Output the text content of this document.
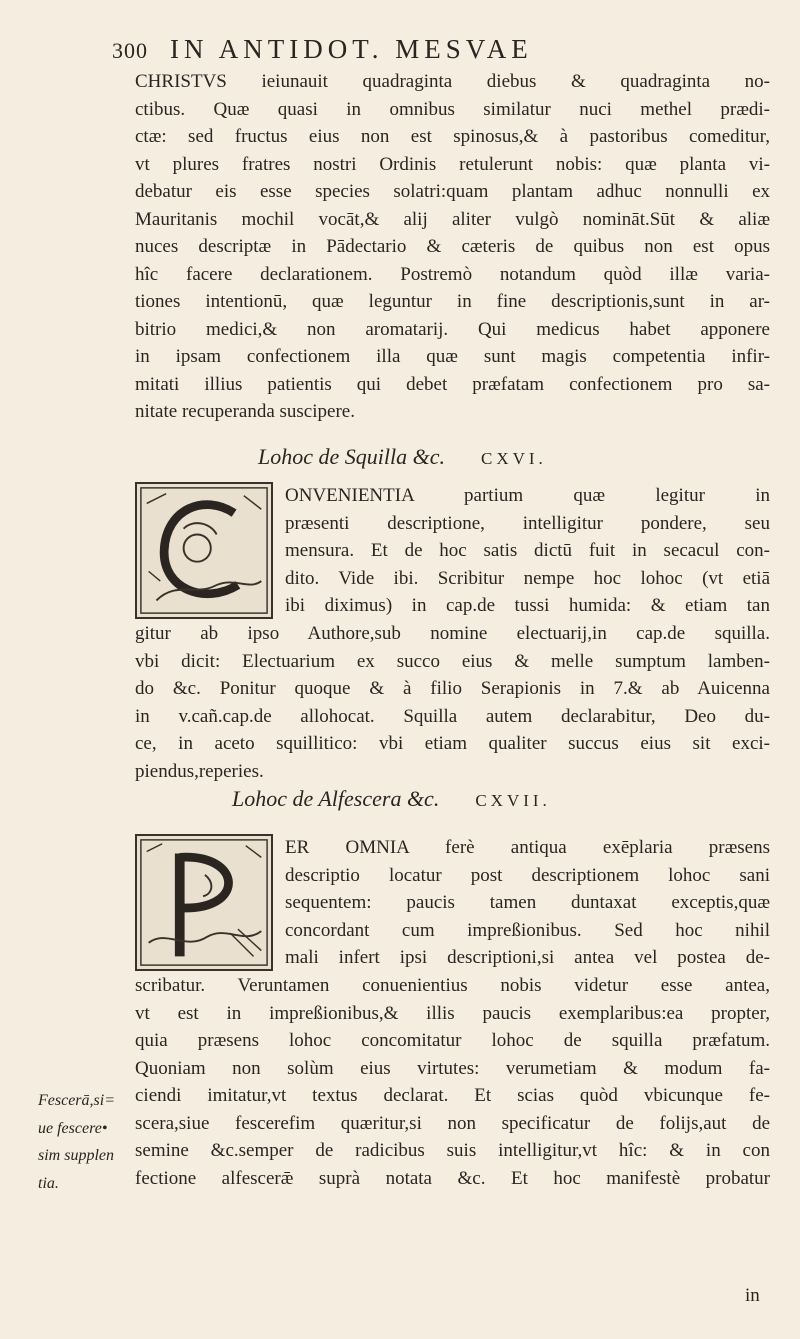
300 IN ANTIDOT. MESVAE
CHRISTVS ieiunauit quadraginta diebus & quadraginta no-
ctibus. Quæ quasi in omnibus similatur nuci methel prædi-
ctæ: sed fructus eius non est spinosus,& à pastoribus comeditur,
vt plures fratres nostri Ordinis retulerunt nobis: quæ planta vi-
debatur eis esse species solatri:quam plantam adhuc nonnulli ex
Mauritanis mochil vocāt,& alij aliter vulgò nomināt.Sūt & aliæ
nuces descriptæ in Pādectario & cæteris de quibus non est opus
hîc facere declarationem. Postremò notandum quòd illæ varia-
tiones intentionū, quæ leguntur in fine descriptionis,sunt in ar-
bitrio medici,& non aromatarij. Qui medicus habet apponere
in ipsam confectionem illa quæ sunt magis competentia infir-
mitati illius patientis qui debet præfatam confectionem pro sa-
nitate recuperanda suscipere.
Lohoc de Squilla &c. CXVI.
ONVENIENTIA partium quæ legitur in
præsenti descriptione, intelligitur pondere, seu
mensura. Et de hoc satis dictū fuit in secacul con-
dito. Vide ibi. Scribitur nempe hoc lohoc (vt etiā
ibi diximus) in cap.de tussi humida: & etiam tan
gitur ab ipso Authore,sub nomine electuarij,in cap.de squilla.
vbi dicit: Electuarium ex succo eius & melle sumptum lamben-
do &c. Ponitur quoque & à filio Serapionis in 7.& ab Auicenna
in v.cañ.cap.de allohocat. Squilla autem declarabitur, Deo du-
ce, in aceto squillitico: vbi etiam qualiter succus eius sit exci-
piendus,reperies.
Lohoc de Alfescera &c. CXVII.
ER OMNIA ferè antiqua exēplaria præsens
descriptio locatur post descriptionem lohoc sani
sequentem: paucis tamen duntaxat exceptis,quæ
concordant cum impreßionibus. Sed hoc nihil
mali infert ipsi descriptioni,si antea vel postea de-
scribatur. Veruntamen conuenientius nobis videtur esse antea,
vt est in impreßionibus,& illis paucis exemplaribus:ea propter,
quia præsens lohoc concomitatur lohoc de squilla præfatum.
Quoniam non solùm eius virtutes: verumetiam & modum fa-
ciendi imitatur,vt textus declarat. Et scias quòd vbicunque fe-
scera,siue fescerefim quæritur,si non specificatur de folijs,aut de
semine &c.semper de radicibus suis intelligitur,vt hîc: & in con
fectione alfescerǣ suprà notata &c. Et hoc manifestè probatur
Fescerā,si=
ue fescere•
sim supplen
tia.
in
